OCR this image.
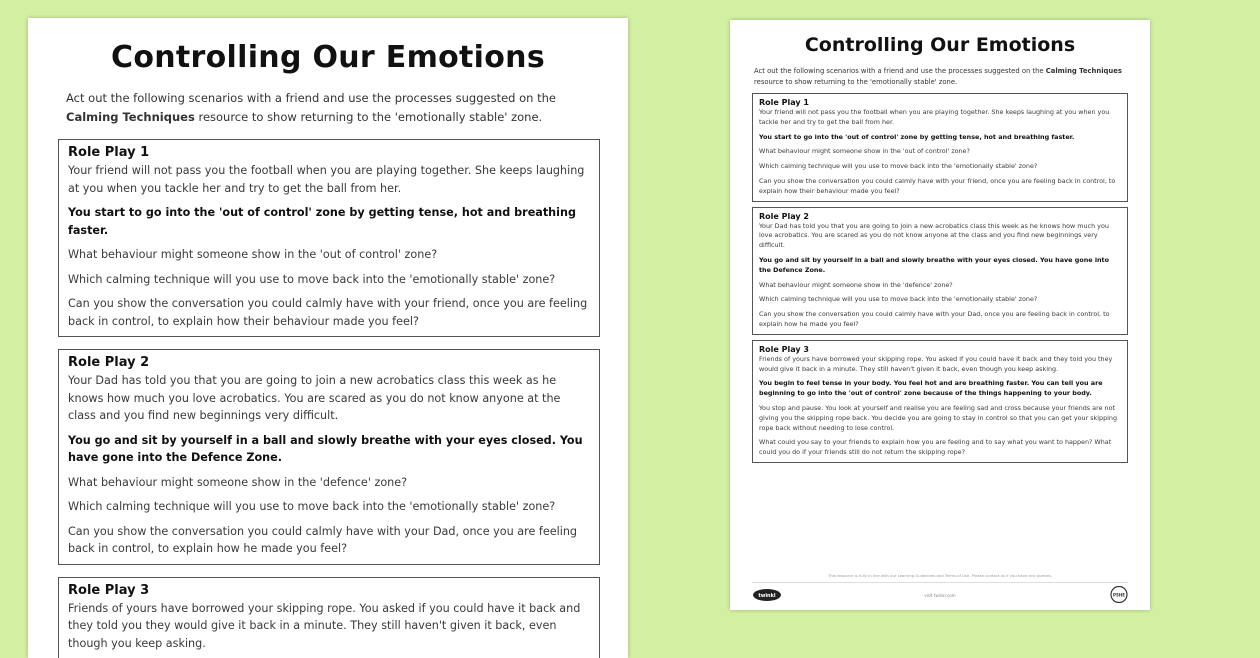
Controlling Our Emotions
Act out the following scenarios with a friend and use the processes suggested on the Calming Techniques resource to show returning to the 'emotionally stable' zone.
Role Play 1

Your friend will not pass you the football when you are playing together. She keeps laughing at you when you tackle her and try to get the ball from her.

You start to go into the 'out of control' zone by getting tense, hot and breathing faster.

What behaviour might someone show in the 'out of control' zone?

Which calming technique will you use to move back into the 'emotionally stable' zone?

Can you show the conversation you could calmly have with your friend, once you are feeling back in control, to explain how their behaviour made you feel?

Role Play 2

Your Dad has told you that you are going to join a new acrobatics class this week as he knows how much you love acrobatics. You are scared as you do not know anyone at the class and you find new beginnings very difficult.

You go and sit by yourself in a ball and slowly breathe with your eyes closed. You have gone into the Defence Zone.

What behaviour might someone show in the 'defence' zone?

Which calming technique will you use to move back into the 'emotionally stable' zone?

Can you show the conversation you could calmly have with your Dad, once you are feeling back in control, to explain how he made you feel?

Role Play 3

Friends of yours have borrowed your skipping rope. You asked if you could have it back and they told you they would give it back in a minute. They still haven't given it back, even though you keep asking.

Controlling Our Emotions
Act out the following scenarios with a friend and use the processes suggested on the Calming Techniques resource to show returning to the 'emotionally stable' zone.
Role Play 1

Your friend will not pass you the football when you are playing together. She keeps laughing at you when you tackle her and try to get the ball from her.

You start to go into the 'out of control' zone by getting tense, hot and breathing faster.

What behaviour might someone show in the 'out of control' zone?

Which calming technique will you use to move back into the 'emotionally stable' zone?

Can you show the conversation you could calmly have with your friend, once you are feeling back in control, to explain how their behaviour made you feel?

Role Play 2

Your Dad has told you that you are going to join a new acrobatics class this week as he knows how much you love acrobatics. You are scared as you do not know anyone at the class and you find new beginnings very difficult.

You go and sit by yourself in a ball and slowly breathe with your eyes closed. You have gone into the Defence Zone.

What behaviour might someone show in the 'defence' zone?

Which calming technique will you use to move back into the 'emotionally stable' zone?

Can you show the conversation you could calmly have with your Dad, once you are feeling back in control, to explain how he made you feel?

Role Play 3

Friends of yours have borrowed your skipping rope. You asked if you could have it back and they told you they would give it back in a minute. They still haven't given it back, even though you keep asking.

You begin to feel tense in your body. You feel hot and are breathing faster. You can tell you are beginning to go into the 'out of control' zone because of the things happening to your body.

You stop and pause. You look at yourself and realise you are feeling sad and cross because your friends are not giving you the skipping rope back. You decide you are going to stay in control so that you can get your skipping rope back without needing to lose control.

What could you say to your friends to explain how you are feeling and to say what you want to happen? What could you do if your friends still do not return the skipping rope?

This resource is fully in line with our Learning Guidelines and Terms of Use. Please contact us if you have any queries.
twinkl	visit twinkl.com	PSHE
